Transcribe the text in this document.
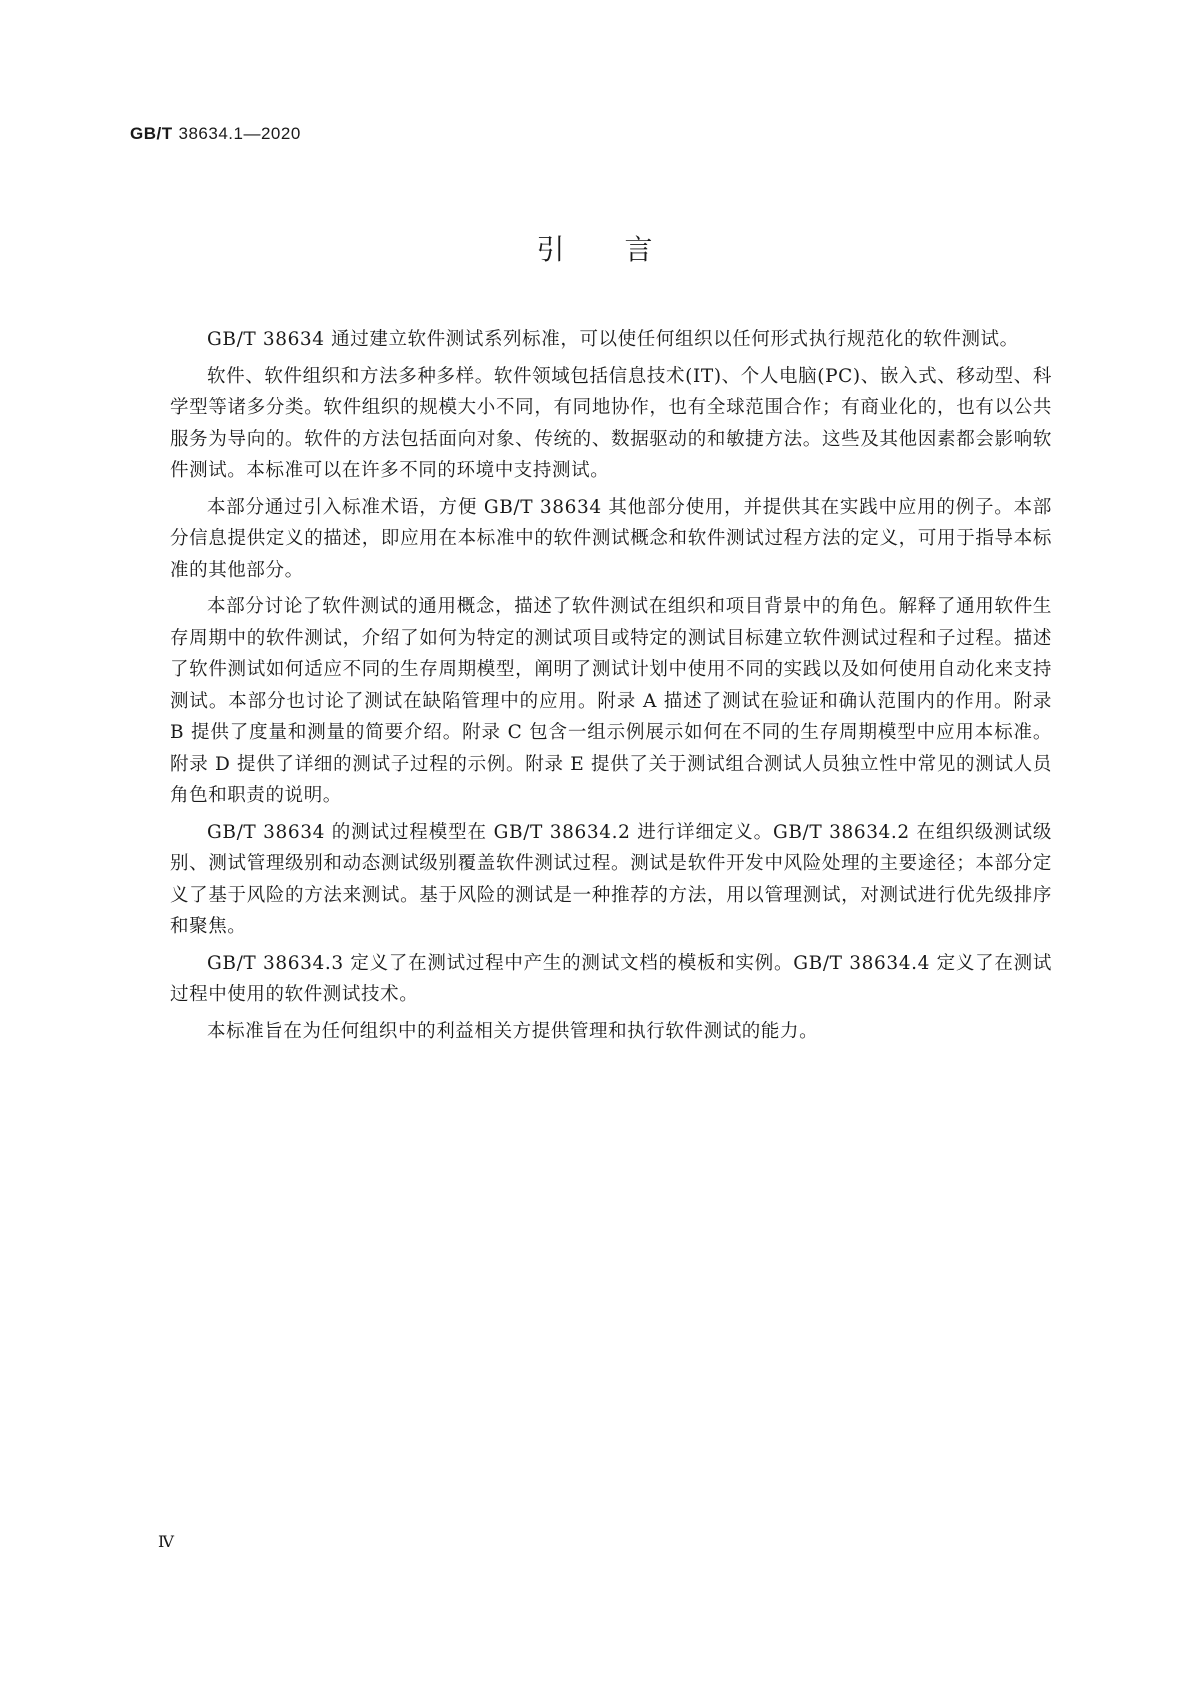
GB/T 38634.1—2020
引 言

GB/T 38634 通过建立软件测试系列标准，可以使任何组织以任何形式执行规范化的软件测试。

软件、软件组织和方法多种多样。软件领域包括信息技术(IT)、个人电脑(PC)、嵌入式、移动型、科学型等诸多分类。软件组织的规模大小不同，有同地协作，也有全球范围合作；有商业化的，也有以公共服务为导向的。软件的方法包括面向对象、传统的、数据驱动的和敏捷方法。这些及其他因素都会影响软件测试。本标准可以在许多不同的环境中支持测试。

本部分通过引入标准术语，方便 GB/T 38634 其他部分使用，并提供其在实践中应用的例子。本部分信息提供定义的描述，即应用在本标准中的软件测试概念和软件测试过程方法的定义，可用于指导本标准的其他部分。

本部分讨论了软件测试的通用概念，描述了软件测试在组织和项目背景中的角色。解释了通用软件生存周期中的软件测试，介绍了如何为特定的测试项目或特定的测试目标建立软件测试过程和子过程。描述了软件测试如何适应不同的生存周期模型，阐明了测试计划中使用不同的实践以及如何使用自动化来支持测试。本部分也讨论了测试在缺陷管理中的应用。附录 A 描述了测试在验证和确认范围内的作用。附录 B 提供了度量和测量的简要介绍。附录 C 包含一组示例展示如何在不同的生存周期模型中应用本标准。附录 D 提供了详细的测试子过程的示例。附录 E 提供了关于测试组合测试人员独立性中常见的测试人员角色和职责的说明。

GB/T 38634 的测试过程模型在 GB/T 38634.2 进行详细定义。GB/T 38634.2 在组织级测试级别、测试管理级别和动态测试级别覆盖软件测试过程。测试是软件开发中风险处理的主要途径；本部分定义了基于风险的方法来测试。基于风险的测试是一种推荐的方法，用以管理测试，对测试进行优先级排序和聚焦。

GB/T 38634.3 定义了在测试过程中产生的测试文档的模板和实例。GB/T 38634.4 定义了在测试过程中使用的软件测试技术。

本标准旨在为任何组织中的利益相关方提供管理和执行软件测试的能力。

Ⅳ
